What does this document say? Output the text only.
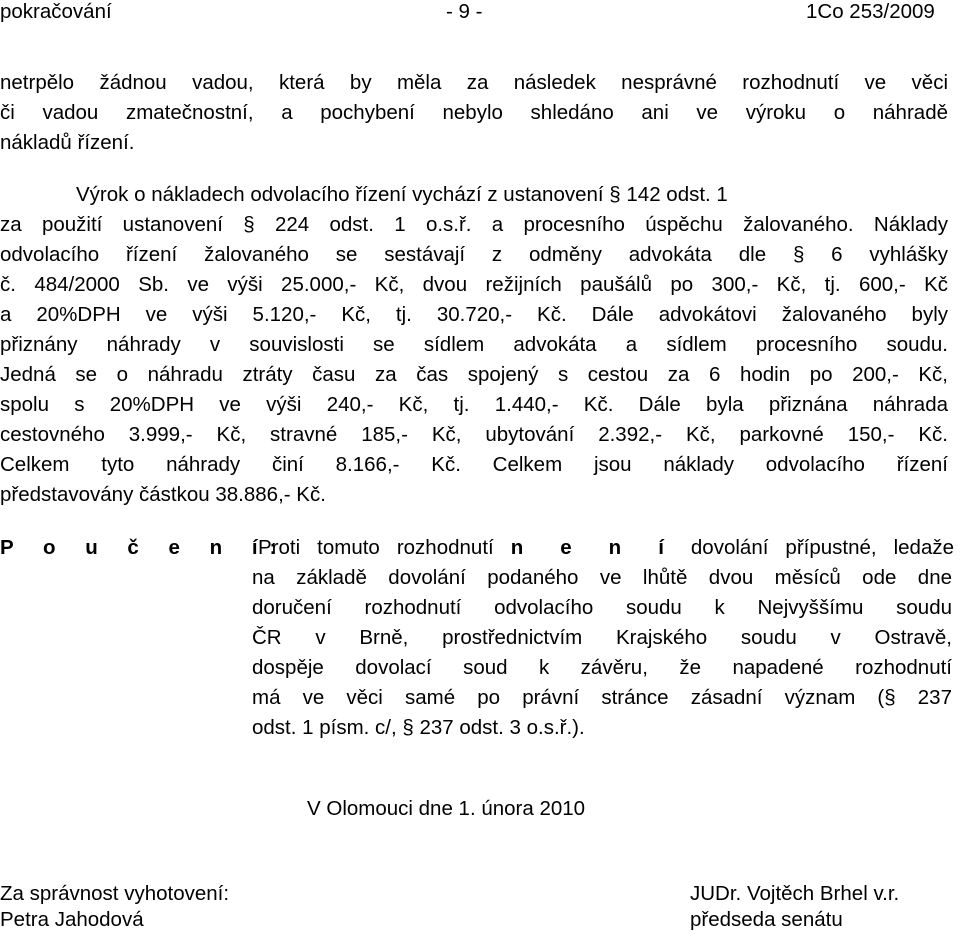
pokračování	- 9 -	1Co 253/2009
netrpělo žádnou vadou, která by měla za následek nesprávné rozhodnutí ve věci
či vadou zmatečnostní, a pochybení nebylo shledáno ani ve výroku o náhradě
nákladů řízení.
Výrok o nákladech odvolacího řízení vychází z ustanovení § 142 odst. 1
za použití ustanovení § 224 odst. 1 o.s.ř. a procesního úspěchu žalovaného. Náklady
odvolacího řízení žalovaného se sestávají z odměny advokáta dle § 6 vyhlášky
č. 484/2000 Sb. ve výši 25.000,- Kč, dvou režijních paušálů po 300,- Kč, tj. 600,- Kč
a 20%DPH ve výši 5.120,- Kč, tj. 30.720,- Kč. Dále advokátovi žalovaného byly
přiznány náhrady v souvislosti se sídlem advokáta a sídlem procesního soudu.
Jedná se o náhradu ztráty času za čas spojený s cestou za 6 hodin po 200,- Kč,
spolu s 20%DPH ve výši 240,- Kč, tj. 1.440,- Kč. Dále byla přiznána náhrada
cestovného 3.999,- Kč, stravné 185,- Kč, ubytování 2.392,- Kč, parkovné 150,- Kč.
Celkem tyto náhrady činí 8.166,- Kč. Celkem jsou náklady odvolacího řízení
představovány částkou 38.886,- Kč.
P o u č e n í:
Proti tomuto rozhodnutí n e n í dovolání přípustné, ledaže
na základě dovolání podaného ve lhůtě dvou měsíců ode dne
doručení rozhodnutí odvolacího soudu k Nejvyššímu soudu
ČR v Brně, prostřednictvím Krajského soudu v Ostravě,
dospěje dovolací soud k závěru, že napadené rozhodnutí
má ve věci samé po právní stránce zásadní význam (§ 237
odst. 1 písm. c/, § 237 odst. 3 o.s.ř.).
V Olomouci dne 1. února 2010
Za správnost vyhotovení:
Petra Jahodová
JUDr. Vojtěch Brhel v.r.
předseda senátu
